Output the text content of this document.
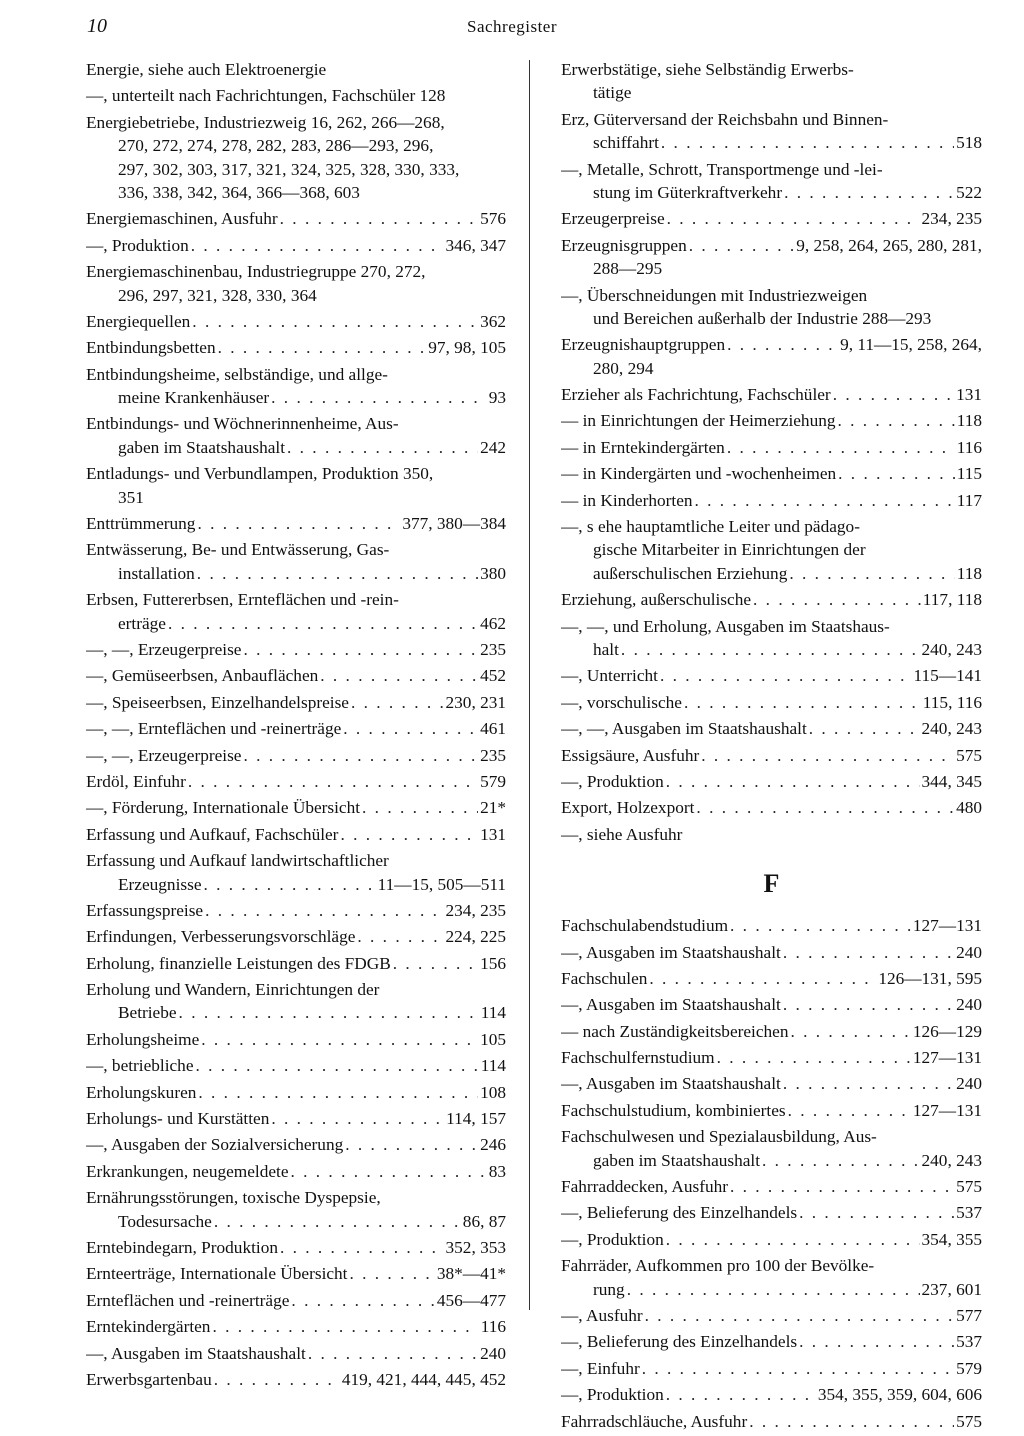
10	Sachregister
Energie, siehe auch Elektroenergie
—, unterteilt nach Fachrichtungen, Fachschüler 128
Energiebetriebe, Industriezweig 16, 262, 266—268,
270, 272, 274, 278, 282, 283, 286—293, 296,
297, 302, 303, 317, 321, 324, 325, 328, 330, 333,
336, 338, 342, 364, 366—368, 603
Energiemaschinen, Ausfuhr . . .	576
—, Produktion . . .	346, 347
Energiemaschinenbau, Industriegruppe 270, 272,
296, 297, 321, 328, 330, 364
Energiequellen . . .	362
Entbindungsbetten . . .	97, 98, 105
Entbindungsheime, selbständige, und allge-
meine Krankenhäuser . . .	93
Entbindungs- und Wöchnerinnenheime, Aus-
gaben im Staatshaushalt . . .	242
Entladungs- und Verbundlampen, Produktion 350,
351
Enttrümmerung . . .	377, 380—384
Entwässerung, Be- und Entwässerung, Gas-
installation . . .	380
Erbsen, Futtererbsen, Ernteflächen und -rein-
erträge . . .	462
—, —, Erzeugerpreise . . .	235
—, Gemüseerbsen, Anbauflächen . . .	452
—, Speiseerbsen, Einzelhandelspreise . . .	230, 231
—, —, Ernteflächen und -reinerträge . . .	461
—, —, Erzeugerpreise . . .	235
Erdöl, Einfuhr . . .	579
—, Förderung, Internationale Übersicht . . .	21*
Erfassung und Aufkauf, Fachschüler . . .	131
Erfassung und Aufkauf landwirtschaftlicher
Erzeugnisse . . .	11—15, 505—511
Erfassungspreise . . .	234, 235
Erfindungen, Verbesserungsvorschläge . . .	224, 225
Erholung, finanzielle Leistungen des FDGB . . .	156
Erholung und Wandern, Einrichtungen der
Betriebe . . .	114
Erholungsheime . . .	105
—, betriebliche . . .	114
Erholungskuren . . .	108
Erholungs- und Kurstätten . . .	114, 157
—, Ausgaben der Sozialversicherung . . .	246
Erkrankungen, neugemeldete . . .	83
Ernährungsstörungen, toxische Dyspepsie,
Todesursache . . .	86, 87
Erntebindegarn, Produktion . . .	352, 353
Ernteerträge, Internationale Übersicht . . .	38*—41*
Ernteflächen und -reinerträge . . .	456—477
Erntekindergärten . . .	116
—, Ausgaben im Staatshaushalt . . .	240
Erwerbsgartenbau . . .	419, 421, 444, 445, 452
Erwerbstätige, siehe Selbständig Erwerbs-
tätige
Erz, Güterversand der Reichsbahn und Binnen-
schiffahrt . . .	518
—, Metalle, Schrott, Transportmenge und -lei-
stung im Güterkraftverkehr . . .	522
Erzeugerpreise . . .	234, 235
Erzeugnisgruppen . . .	9, 258, 264, 265, 280, 281,
288—295
—, Überschneidungen mit Industriezweigen
und Bereichen außerhalb der Industrie 288—293
Erzeugnishauptgruppen . . .	9, 11—15, 258, 264,
280, 294
Erzieher als Fachrichtung, Fachschüler . . .	131
— in Einrichtungen der Heimerziehung . . .	118
— in Erntekindergärten . . .	116
— in Kindergärten und -wochenheimen . . .	115
— in Kinderhorten . . .	117
—, s ehe hauptamtliche Leiter und pädago-
gische Mitarbeiter in Einrichtungen der
außerschulischen Erziehung . . .	118
Erziehung, außerschulische . . .	117, 118
—, —, und Erholung, Ausgaben im Staatshaus-
halt . . .	240, 243
—, Unterricht . . .	115—141
—, vorschulische . . .	115, 116
—, —, Ausgaben im Staatshaushalt . . .	240, 243
Essigsäure, Ausfuhr . . .	575
—, Produktion . . .	344, 345
Export, Holzexport . . .	480
—, siehe Ausfuhr
F
Fachschulabendstudium . . .	127—131
—, Ausgaben im Staatshaushalt . . .	240
Fachschulen . . .	126—131, 595
—, Ausgaben im Staatshaushalt . . .	240
— nach Zuständigkeitsbereichen . . .	126—129
Fachschulfernstudium . . .	127—131
—, Ausgaben im Staatshaushalt . . .	240
Fachschulstudium, kombiniertes . . .	127—131
Fachschulwesen und Spezialausbildung, Aus-
gaben im Staatshaushalt . . .	240, 243
Fahrraddecken, Ausfuhr . . .	575
—, Belieferung des Einzelhandels . . .	537
—, Produktion . . .	354, 355
Fahrräder, Aufkommen pro 100 der Bevölke-
rung . . .	237, 601
—, Ausfuhr . . .	577
—, Belieferung des Einzelhandels . . .	537
—, Einfuhr . . .	579
—, Produktion . . .	354, 355, 359, 604, 606
Fahrradschläuche, Ausfuhr . . .	575
